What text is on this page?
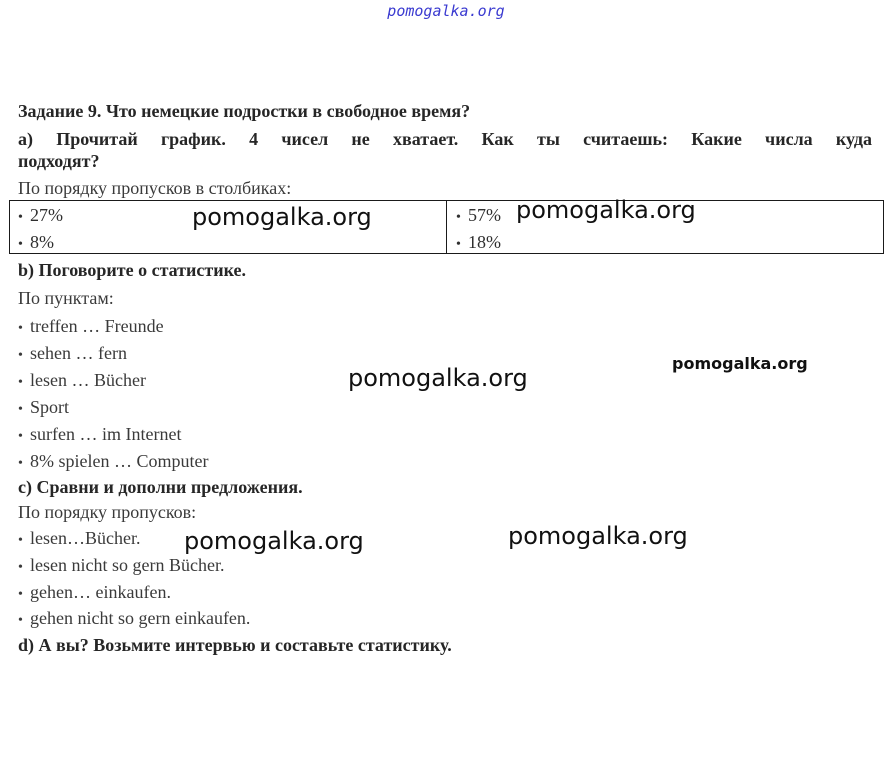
pomogalka.org
Задание 9. Что немецкие подростки в свободное время?
а) Прочитай график. 4 чисел не хватает. Как ты считаешь: Какие числа куда
подходят?
По порядку пропусков в столбиках:
• 27%
• 8%
• 57%
• 18%
b) Поговорите о статистике.
По пунктам:
• treffen … Freunde
• sehen … fern
• lesen … Bücher
• Sport
• surfen … im Internet
• 8% spielen … Computer
c) Сравни и дополни предложения.
По порядку пропусков:
• lesen…Bücher.
• lesen nicht so gern Bücher.
• gehen… einkaufen.
• gehen nicht so gern einkaufen.
d) А вы? Возьмите интервью и составьте статистику.
pomogalka.org	pomogalka.org
pomogalka.org
pomogalka.org
pomogalka.org	pomogalka.org
